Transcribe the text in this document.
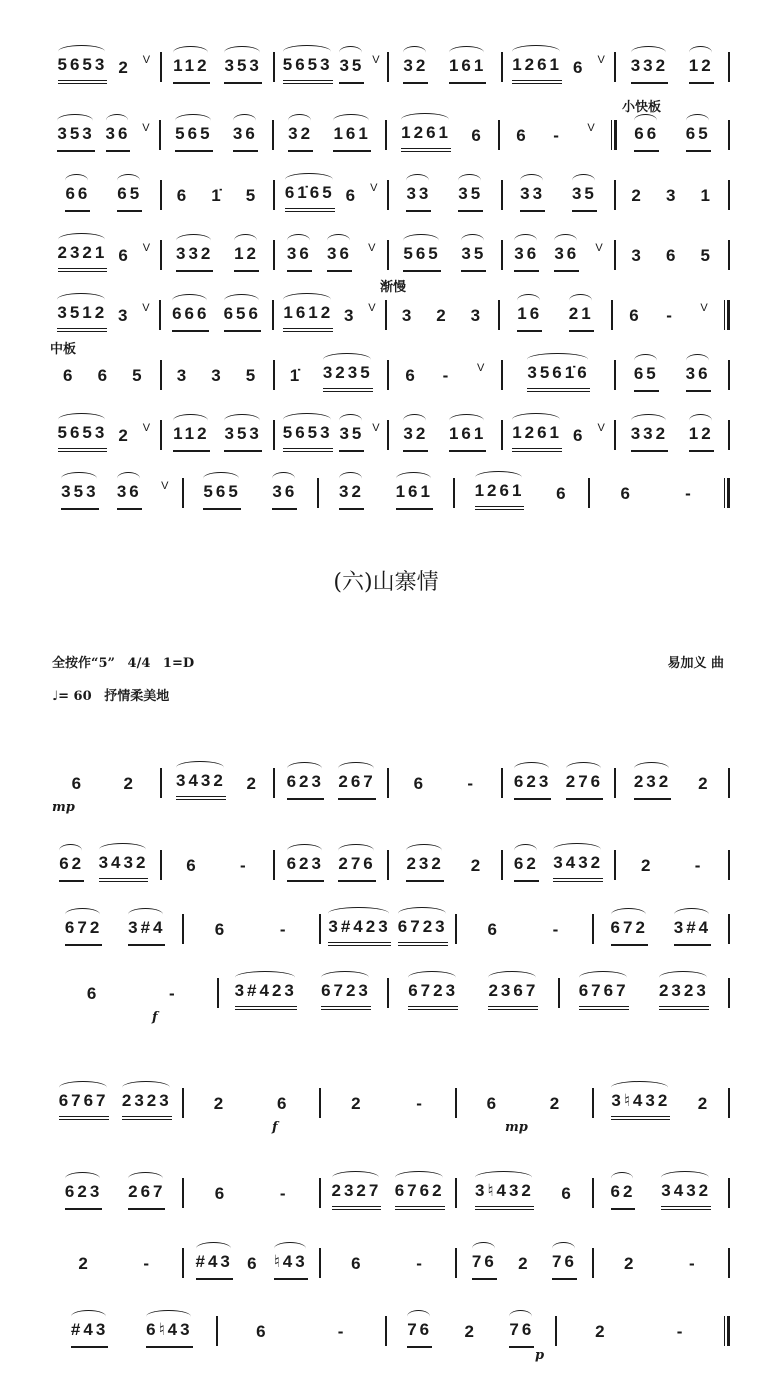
5653 2 V 112 353 5653 35 V 32 161 1261 6 V 332 12
353 36 V 565 36 32 161 1261 6 6 - V 66 65
小快板
66 65 6 1̇ 5 61̇65 6 V 33 35 33 35 2 3 1
2321 6 V 332 12 36 36 V 565 35 36 36 V 3 6 5
3512 3 V 666 656 1612 3 V 3 2 3 16 21 6 - V
渐慢
6 6 5 3 3 5 1̇ 3235 6 - V	3561̇6	65 36
中板
5653 2 V 112 353 5653 35 V 32 161 1261 6 V 332 12
353 36 V 565 36 32 161 1261 6	6	-
6 2 3432 2 623 267 6 - 623 276 232 2
mp
62 3432 6 - 623 276 232 2 62 3432 2 -
672 3#4	6	- 3#423 6723 6	-	672 3#4
6	-	3#423 6723 6723 2367 6767 2323
f
6767 2323 2	6	2	-	6	2	3♮432 2
f	mp
623 267	6	-	2327 6762 3♮432 6 62 3432
2	-	#43 6 ♮43	6	-	76 2 76	2	-
#43 6♮43	6	-	76 2 76	2	-
p
(六)山寨情
全按作“5” 4/4 1=D
♩= 60 抒情柔美地
易加义 曲
